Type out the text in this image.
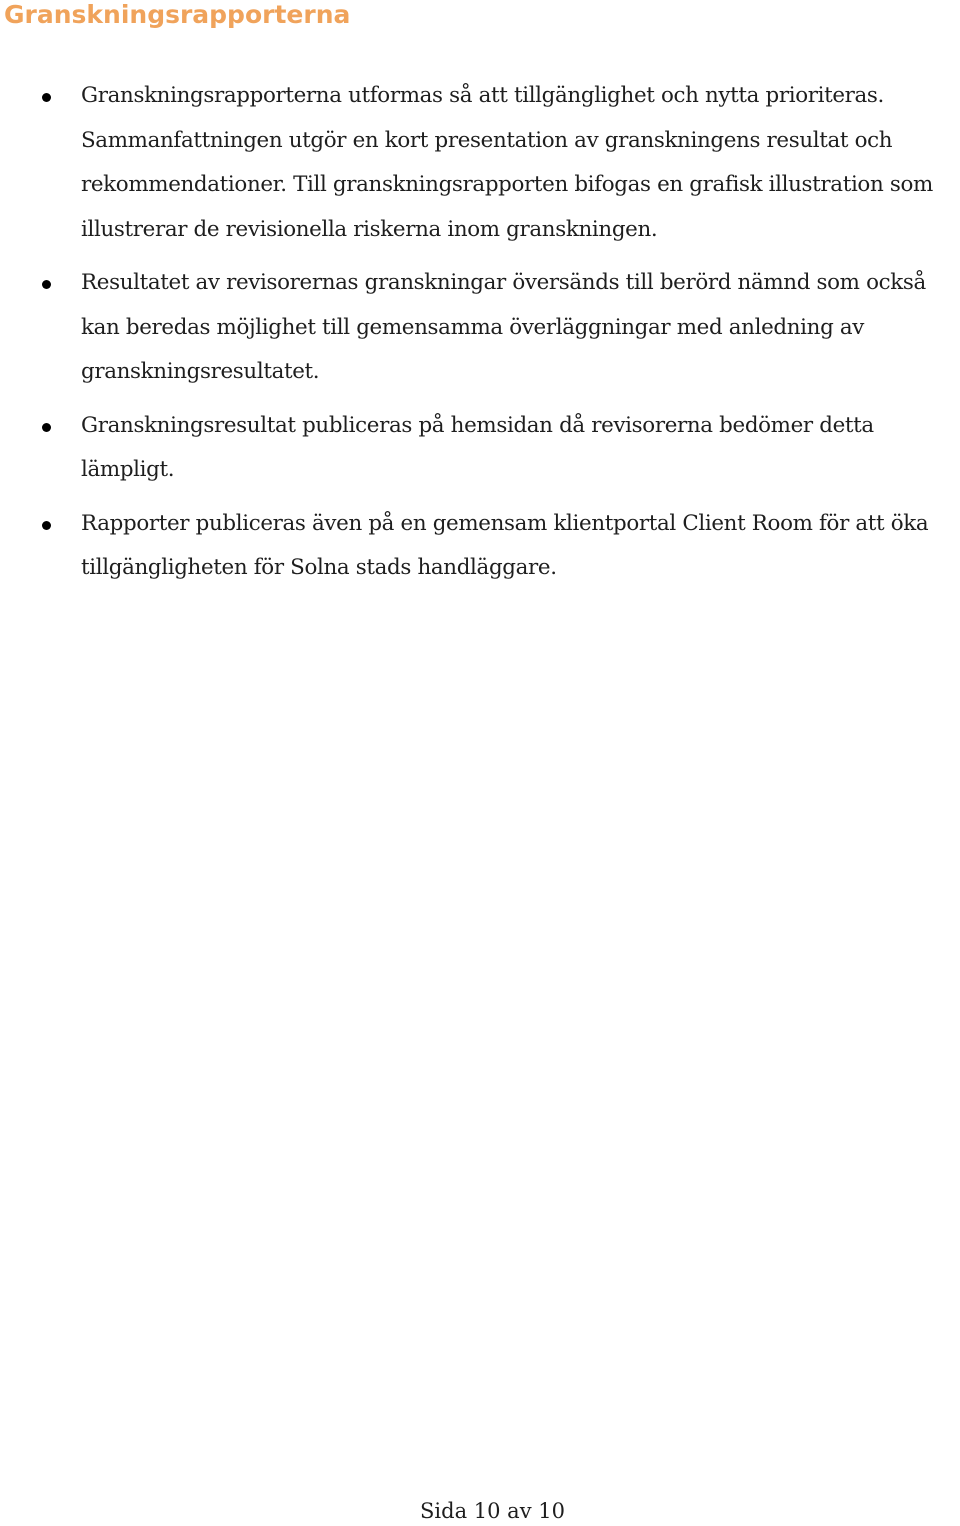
Granskningsrapporterna
Granskningsrapporterna utformas så att tillgänglighet och nytta prioriteras. Sammanfattningen utgör en kort presentation av granskningens resultat och rekommendationer. Till granskningsrapporten bifogas en grafisk illustration som illustrerar de revisionella riskerna inom granskningen.
Resultatet av revisorernas granskningar översänds till berörd nämnd som också kan beredas möjlighet till gemensamma överläggningar med anledning av granskningsresultatet.
Granskningsresultat publiceras på hemsidan då revisorerna bedömer detta lämpligt.
Rapporter publiceras även på en gemensam klientportal Client Room för att öka tillgängligheten för Solna stads handläggare.
Sida 10 av 10
